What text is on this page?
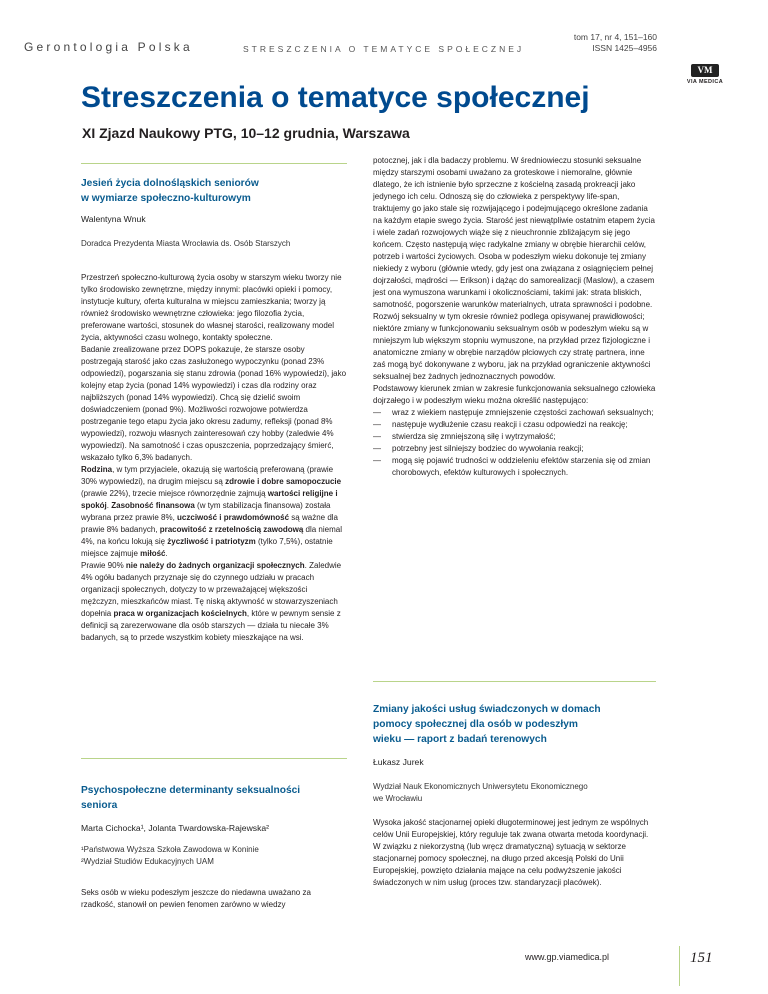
Gerontologia Polska	STRESZCZENIA O TEMATYCE SPOŁECZNEJ
tom 17, nr 4, 151–160
ISSN 1425–4956
VM
VIA MEDICA
Streszczenia o tematyce społecznej
XI Zjazd Naukowy PTG, 10–12 grudnia, Warszawa
Jesień życia dolnośląskich seniorów
w wymiarze społeczno-kulturowym
Walentyna Wnuk
Doradca Prezydenta Miasta Wrocławia ds. Osób Starszych

Przestrzeń społeczno-kulturową życia osoby w starszym wieku tworzy nie tylko środowisko zewnętrzne, między innymi: placówki opieki i pomocy, instytucje kultury, oferta kulturalna w miejscu zamieszkania; tworzy ją również środowisko wewnętrzne człowieka: jego filozofia życia, preferowane wartości, stosunek do własnej starości, realizowany model życia, aktywności czasu wolnego, kontakty społeczne.

Badanie zrealizowane przez DOPS pokazuje, że starsze osoby postrzegają starość jako czas zasłużonego wypoczynku (ponad 23% odpowiedzi), pogarszania się stanu zdrowia (ponad 16% wypowiedzi), jako kolejny etap życia (ponad 14% wypowiedzi) i czas dla rodziny oraz najbliższych (ponad 14% wypowiedzi). Chcą się dzielić swoim doświadczeniem (ponad 9%). Możliwości rozwojowe potwierdza postrzeganie tego etapu życia jako okresu zadumy, refleksji (ponad 8% wypowiedzi), rozwoju własnych zainteresowań czy hobby (zaledwie 4% wypowiedzi). Na samotność i czas opuszczenia, poprzedzający śmierć, wskazało tylko 6,3% badanych.

Rodzina, w tym przyjaciele, okazują się wartością preferowaną (prawie 30% wypowiedzi), na drugim miejscu są zdrowie i dobre samopoczucie (prawie 22%), trzecie miejsce równorzędnie zajmują wartości religijne i spokój. Zasobność finansowa (w tym stabilizacja finansowa) została wybrana przez prawie 8%, uczciwość i prawdomówność są ważne dla prawie 8% badanych, pracowitość z rzetelnością zawodową dla niemal 4%, na końcu lokują się życzliwość i patriotyzm (tylko 7,5%), ostatnie miejsce zajmuje miłość.

Prawie 90% nie należy do żadnych organizacji społecznych. Zaledwie 4% ogółu badanych przyznaje się do czynnego udziału w pracach organizacji społecznych, dotyczy to w przeważającej większości mężczyzn, mieszkańców miast. Tę niską aktywność w stowarzyszeniach dopełnia praca w organizacjach kościelnych, które w pewnym sensie z definicji są zarezerwowane dla osób starszych — działa tu niecałe 3% badanych, są to przede wszystkim kobiety mieszkające na wsi.

Psychospołeczne determinanty seksualności
seniora
Marta Cichocka¹, Jolanta Twardowska-Rajewska²
¹Państwowa Wyższa Szkoła Zawodowa w Koninie
²Wydział Studiów Edukacyjnych UAM

Seks osób w wieku podeszłym jeszcze do niedawna uważano za rzadkość, stanowił on pewien fenomen zarówno w wiedzy

potocznej, jak i dla badaczy problemu. W średniowieczu stosunki seksualne między starszymi osobami uważano za groteskowe i niemoralne, głównie dlatego, że ich istnienie było sprzeczne z kościelną zasadą prokreacji jako jedynego ich celu. Odnoszą się do człowieka z perspektywy life-span, traktujemy go jako stale się rozwijającego i podejmującego określone zadania na każdym etapie swego życia. Starość jest niewątpliwie ostatnim etapem życia i wiele zadań rozwojowych wiąże się z nieuchronnie zbliżającym się jego końcem. Często następują więc radykalne zmiany w obrębie hierarchii celów, potrzeb i wartości życiowych. Osoba w podeszłym wieku dokonuje tej zmiany niekiedy z wyboru (głównie wtedy, gdy jest ona związana z osiągnięciem pełnej dojrzałości, mądrości — Erikson) i dążąc do samorealizacji (Maslow), a czasem jest ona wymuszona warunkami i okolicznościami, takimi jak: strata bliskich, samotność, pogorszenie warunków materialnych, utrata sprawności i podobne.

Rozwój seksualny w tym okresie również podlega opisywanej prawidłowości; niektóre zmiany w funkcjonowaniu seksualnym osób w podeszłym wieku są w mniejszym lub większym stopniu wymuszone, na przykład przez fizjologiczne i anatomiczne zmiany w obrębie narządów płciowych czy stratę partnera, inne zaś mogą być dokonywane z wyboru, jak na przykład ograniczenie aktywności seksualnej bez żadnych jednoznacznych powodów.

Podstawowy kierunek zmian w zakresie funkcjonowania seksualnego człowieka dojrzałego i w podeszłym wieku można określić następująco:

— wraz z wiekiem następuje zmniejszenie częstości zachowań seksualnych;
— następuje wydłużenie czasu reakcji i czasu odpowiedzi na reakcję;
— stwierdza się zmniejszoną siłę i wytrzymałość;
— potrzebny jest silniejszy bodziec do wywołania reakcji;
— mogą się pojawić trudności w oddzieleniu efektów starzenia się od zmian chorobowych, efektów kulturowych i społecznych.
Zmiany jakości usług świadczonych w domach
pomocy społecznej dla osób w podeszłym
wieku — raport z badań terenowych
Łukasz Jurek
Wydział Nauk Ekonomicznych Uniwersytetu Ekonomicznego
we Wrocławiu

Wysoka jakość stacjonarnej opieki długoterminowej jest jednym ze wspólnych celów Unii Europejskiej, który reguluje tak zwana otwarta metoda koordynacji. W związku z niekorzystną (lub wręcz dramatyczną) sytuacją w sektorze stacjonarnej pomocy społecznej, na długo przed akcesją Polski do Unii Europejskiej, powzięto działania mające na celu podwyższenie jakości świadczonych w nim usług (proces tzw. standaryzacji placówek).

www.gp.viamedica.pl	151
